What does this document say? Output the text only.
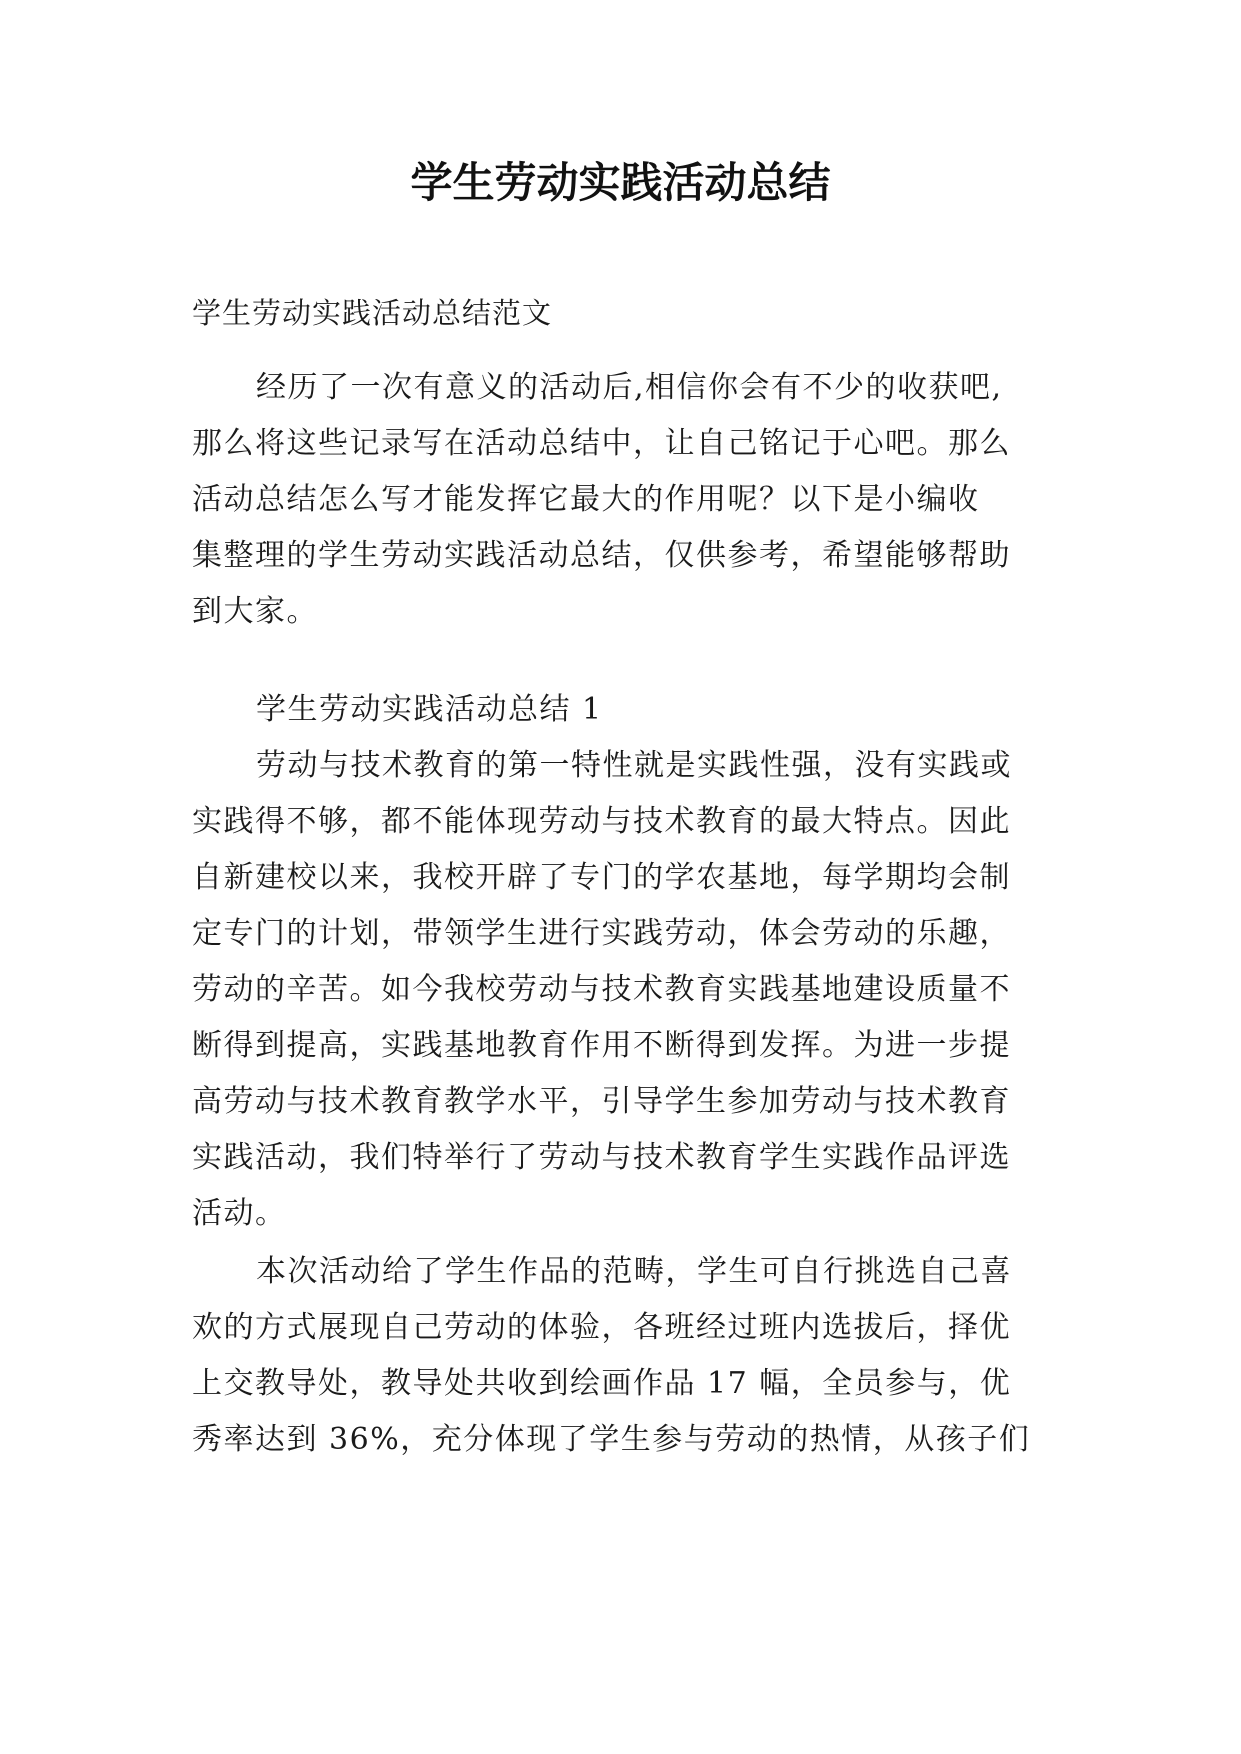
学生劳动实践活动总结

学生劳动实践活动总结范文

经历了一次有意义的活动后,相信你会有不少的收获吧,
那么将这些记录写在活动总结中，让自己铭记于心吧。那么
活动总结怎么写才能发挥它最大的作用呢？以下是小编收
集整理的学生劳动实践活动总结，仅供参考，希望能够帮助
到大家。
学生劳动实践活动总结 1
劳动与技术教育的第一特性就是实践性强，没有实践或
实践得不够，都不能体现劳动与技术教育的最大特点。因此
自新建校以来，我校开辟了专门的学农基地，每学期均会制
定专门的计划，带领学生进行实践劳动，体会劳动的乐趣，
劳动的辛苦。如今我校劳动与技术教育实践基地建设质量不
断得到提高，实践基地教育作用不断得到发挥。为进一步提
高劳动与技术教育教学水平，引导学生参加劳动与技术教育
实践活动，我们特举行了劳动与技术教育学生实践作品评选
活动。
本次活动给了学生作品的范畴，学生可自行挑选自己喜
欢的方式展现自己劳动的体验，各班经过班内选拔后，择优
上交教导处，教导处共收到绘画作品 17 幅，全员参与，优
秀率达到 36%，充分体现了学生参与劳动的热情，从孩子们
